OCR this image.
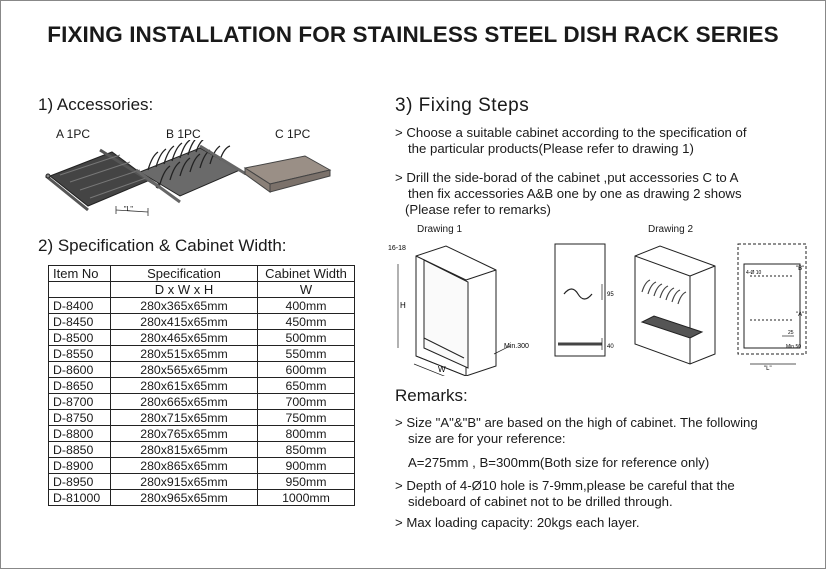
FIXING INSTALLATION FOR STAINLESS STEEL DISH RACK SERIES
1) Accessories:
A 1PC	B 1PC	C 1PC
"L"
2) Specification & Cabinet Width:
Item No	Specification	Cabinet Width
	D x W x H	W
D-8400	280x365x65mm	400mm
D-8450	280x415x65mm	450mm
D-8500	280x465x65mm	500mm
D-8550	280x515x65mm	550mm
D-8600	280x565x65mm	600mm
D-8650	280x615x65mm	650mm
D-8700	280x665x65mm	700mm
D-8750	280x715x65mm	750mm
D-8800	280x765x65mm	800mm
D-8850	280x815x65mm	850mm
D-8900	280x865x65mm	900mm
D-8950	280x915x65mm	950mm
D-81000	280x965x65mm	1000mm
3) Fixing Steps
> Choose a suitable cabinet according to the specification of
the particular products(Please refer to drawing 1)
> Drill the side-borad of the cabinet ,put accessories C to A
then fix accessories A&B one by one as drawing 2 shows
(Please refer to remarks)
Drawing 1	Drawing 2
16-18
H
W
Min.300
95
40
"B"
"A"
4-Ø 10
25
Min.50
"L"
Remarks:
> Size "A"&"B" are based on the high of cabinet. The following
size are for your reference:
A=275mm , B=300mm(Both size for reference only)
> Depth of 4-Ø10 hole is 7-9mm,please be careful that the
sideboard of cabinet not to be drilled through.
> Max loading capacity: 20kgs each layer.
